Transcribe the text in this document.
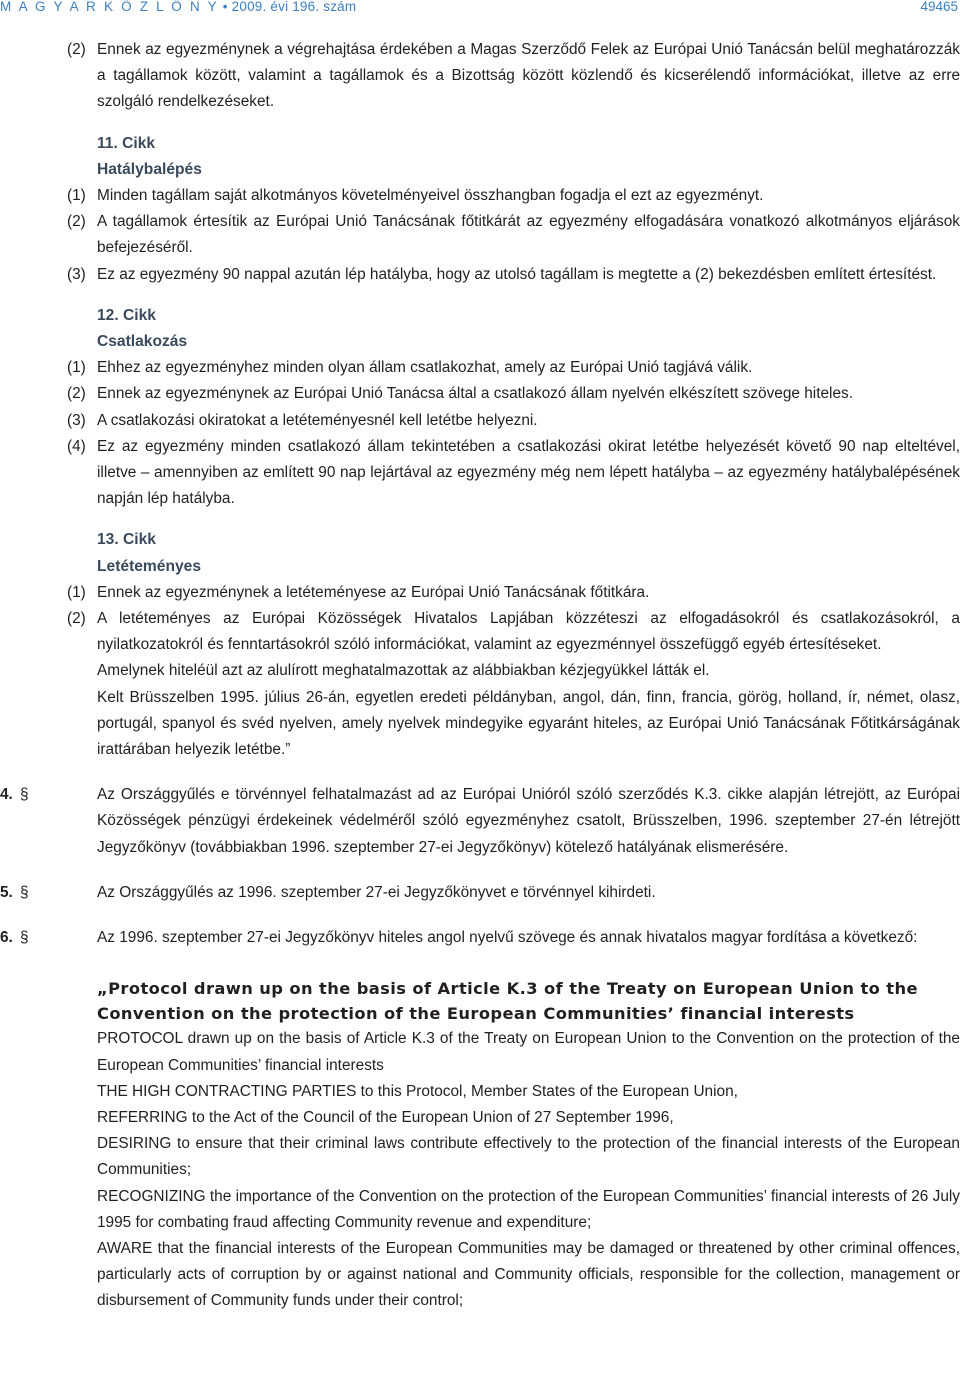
M A G Y A R K Ö Z L Ö N Y • 2009. évi 196. szám	49465
(2) Ennek az egyezménynek a végrehajtása érdekében a Magas Szerződő Felek az Európai Unió Tanácsán belül meghatározzák a tagállamok között, valamint a tagállamok és a Bizottság között közlendő és kicserélendő információkat, illetve az erre szolgáló rendelkezéseket.
11. Cikk
Hatálybalépés
(1) Minden tagállam saját alkotmányos követelményeivel összhangban fogadja el ezt az egyezményt.
(2) A tagállamok értesítik az Európai Unió Tanácsának főtitkárát az egyezmény elfogadására vonatkozó alkotmányos eljárások befejezéséről.
(3) Ez az egyezmény 90 nappal azután lép hatályba, hogy az utolsó tagállam is megtette a (2) bekezdésben említett értesítést.
12. Cikk
Csatlakozás
(1) Ehhez az egyezményhez minden olyan állam csatlakozhat, amely az Európai Unió tagjává válik.
(2) Ennek az egyezménynek az Európai Unió Tanácsa által a csatlakozó állam nyelvén elkészített szövege hiteles.
(3) A csatlakozási okiratokat a letéteményesnél kell letétbe helyezni.
(4) Ez az egyezmény minden csatlakozó állam tekintetében a csatlakozási okirat letétbe helyezését követő 90 nap elteltével, illetve – amennyiben az említett 90 nap lejártával az egyezmény még nem lépett hatályba – az egyezmény hatálybalépésének napján lép hatályba.
13. Cikk
Letéteményes
(1) Ennek az egyezménynek a letéteményese az Európai Unió Tanácsának főtitkára.
(2) A letéteményes az Európai Közösségek Hivatalos Lapjában közzéteszi az elfogadásokról és csatlakozásokról, a nyilatkozatokról és fenntartásokról szóló információkat, valamint az egyezménnyel összefüggő egyéb értesítéseket.
Amelynek hiteléül azt az alulírott meghatalmazottak az alábbiakban kézjegyükkel látták el.
Kelt Brüsszelben 1995. július 26-án, egyetlen eredeti példányban, angol, dán, finn, francia, görög, holland, ír, német, olasz, portugál, spanyol és svéd nyelven, amely nyelvek mindegyike egyaránt hiteles, az Európai Unió Tanácsának Főtitkárságának irattárában helyezik letétbe.”
4. §	Az Országgyűlés e törvénnyel felhatalmazást ad az Európai Unióról szóló szerződés K.3. cikke alapján létrejött, az Európai Közösségek pénzügyi érdekeinek védelméről szóló egyezményhez csatolt, Brüsszelben, 1996. szeptember 27-én létrejött Jegyzőkönyv (továbbiakban 1996. szeptember 27-ei Jegyzőkönyv) kötelező hatályának elismerésére.
5. §	Az Országgyűlés az 1996. szeptember 27-ei Jegyzőkönyvet e törvénnyel kihirdeti.
6. §	Az 1996. szeptember 27-ei Jegyzőkönyv hiteles angol nyelvű szövege és annak hivatalos magyar fordítása a következő:
„Protocol drawn up on the basis of Article K.3 of the Treaty on European Union to the
Convention on the protection of the European Communities’ financial interests
PROTOCOL drawn up on the basis of Article K.3 of the Treaty on European Union to the Convention on the protection of the European Communities’ financial interests
THE HIGH CONTRACTING PARTIES to this Protocol, Member States of the European Union,
REFERRING to the Act of the Council of the European Union of 27 September 1996,
DESIRING to ensure that their criminal laws contribute effectively to the protection of the financial interests of the European Communities;
RECOGNIZING the importance of the Convention on the protection of the European Communities’ financial interests of 26 July 1995 for combating fraud affecting Community revenue and expenditure;
AWARE that the financial interests of the European Communities may be damaged or threatened by other criminal offences, particularly acts of corruption by or against national and Community officials, responsible for the collection, management or disbursement of Community funds under their control;
